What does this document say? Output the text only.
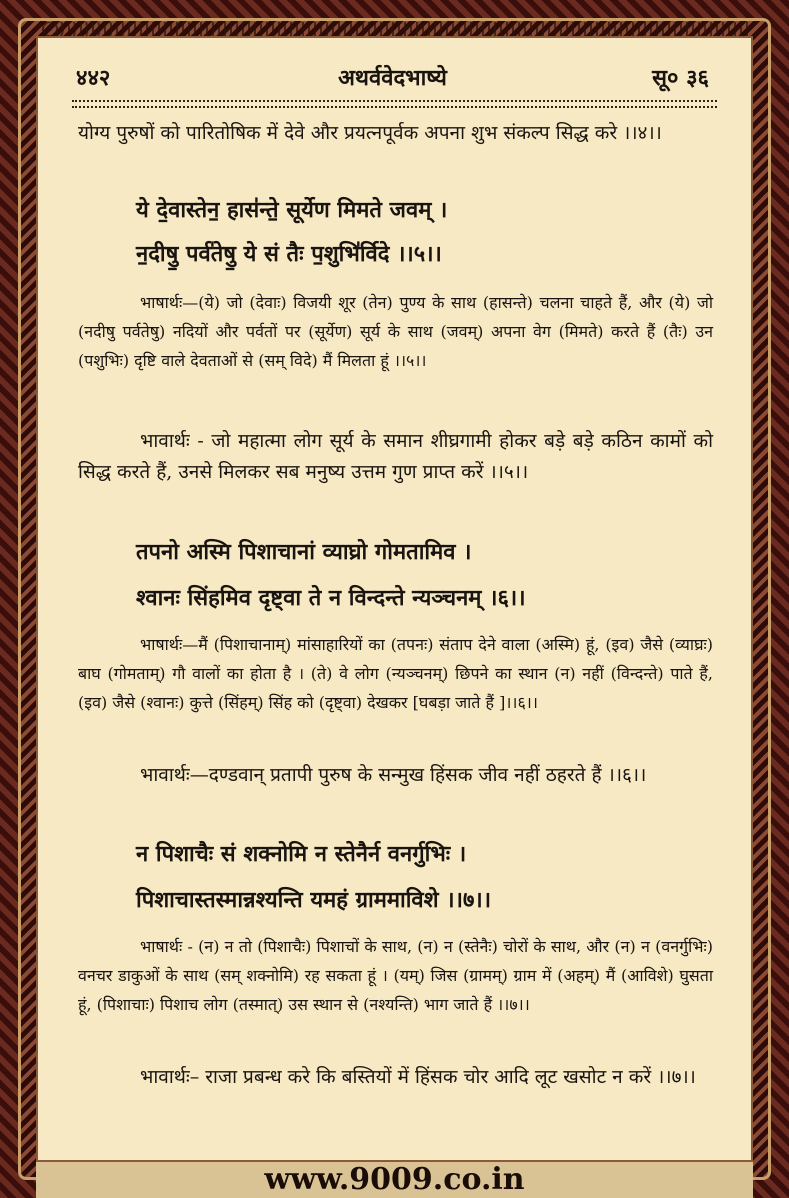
४४२	अथर्ववेदभाष्ये	सू० ३६
योग्य पुरुषों को पारितोषिक में देवे और प्रयत्नपूर्वक अपना शुभ संकल्प सिद्ध करे ।।४।।
ये दे॒वास्तेन॒ हास॑न्ते॒ सूर्येण मिमते जवम् ।
न॒दीषु॒ पर्व॑तेषु॒ ये सं तैः प॒शुभि॑र्विदे ।।५।।
भाषार्थः—(ये) जो (देवाः) विजयी शूर (तेन) पुण्य के साथ (हासन्ते) चलना चाहते हैं, और (ये) जो (नदीषु पर्वतेषु) नदियों और पर्वतों पर (सूर्येण) सूर्य के साथ (जवम्) अपना वेग (मिमते) करते हैं (तैः) उन (पशुभिः) दृष्टि वाले देवताओं से (सम् विदे) मैं मिलता हूं ।।५।।
भावार्थः - जो महात्मा लोग सूर्य के समान शीघ्रगामी होकर बड़े बड़े कठिन कामों को सिद्ध करते हैं, उनसे मिलकर सब मनुष्य उत्तम गुण प्राप्त करें ।।५।।
तपनो अस्मि पिशाचानां व्याघ्रो गोमतामिव ।
श्वानः सिंहमिव दृष्ट्वा ते न विन्दन्ते न्यञ्चनम् ।६।।
भाषार्थः—मैं (पिशाचानाम्) मांसाहारियों का (तपनः) संताप देने वाला (अस्मि) हूं, (इव) जैसे (व्याघ्रः) बाघ (गोमताम्) गौ वालों का होता है । (ते) वे लोग (न्यञ्चनम्) छिपने का स्थान (न) नहीं (विन्दन्ते) पाते हैं, (इव) जैसे (श्वानः) कुत्ते (सिंहम्) सिंह को (दृष्ट्वा) देखकर [घबड़ा जाते हैं ]।।६।।
भावार्थः—दण्डवान् प्रतापी पुरुष के सन्मुख हिंसक जीव नहीं ठहरते हैं ।।६।।
न पिशाचैः सं शक्नोमि न स्तेनैर्न वनर्गुभिः ।
पिशाचास्तस्मान्नश्यन्ति यमहं ग्राममाविशे ।।७।।
भाषार्थः - (न) न तो (पिशाचैः) पिशाचों के साथ, (न) न (स्तेनैः) चोरों के साथ, और (न) न (वनर्गुभिः) वनचर डाकुओं के साथ (सम् शक्नोमि) रह सकता हूं । (यम्) जिस (ग्रामम्) ग्राम में (अहम्) मैं (आविशे) घुसता हूं, (पिशाचाः) पिशाच लोग (तस्मात्) उस स्थान से (नश्यन्ति) भाग जाते हैं ।।७।।
भावार्थः– राजा प्रबन्ध करे कि बस्तियों में हिंसक चोर आदि लूट खसोट न करें ।।७।।
www.9009.co.in
